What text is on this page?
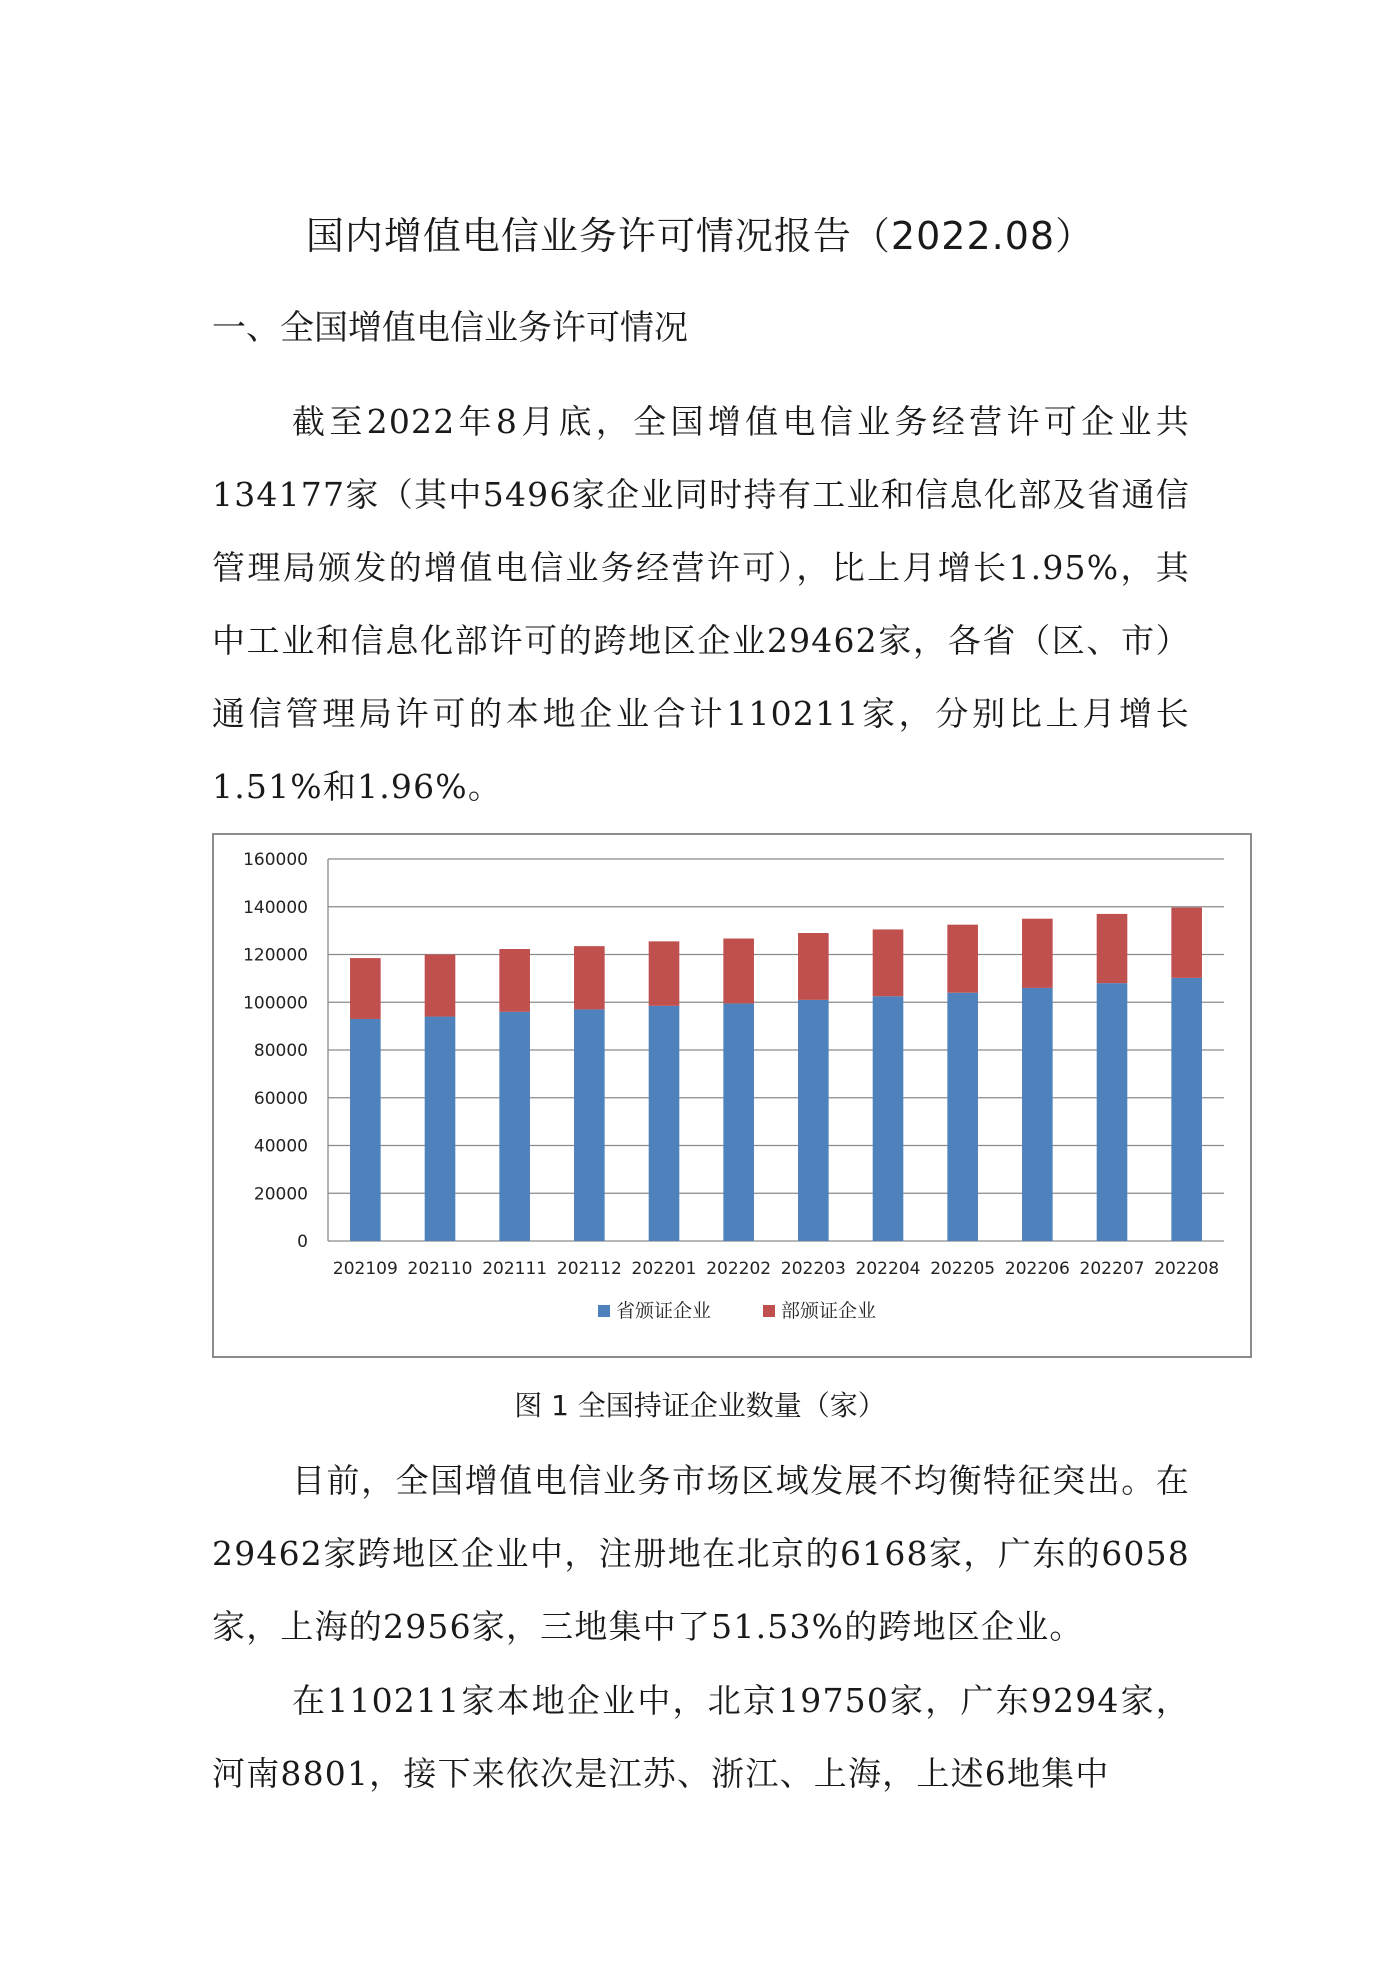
国内增值电信业务许可情况报告（2022.08）
一、全国增值电信业务许可情况

截至2022年8月底，全国增值电信业务经营许可企业共134177家（其中5496家企业同时持有工业和信息化部及省通信管理局颁发的增值电信业务经营许可），比上月增长1.95%，其中工业和信息化部许可的跨地区企业29462家，各省（区、市）通信管理局许可的本地企业合计110211家，分别比上月增长1.51%和1.96%。

0
20000
40000
60000
80000
100000
120000
140000
160000
202109 202110 202111 202112 202201 202202 202203 202204 202205 202206 202207 202208
省颁证企业	部颁证企业
图 1 全国持证企业数量（家）

目前，全国增值电信业务市场区域发展不均衡特征突出。在29462家跨地区企业中，注册地在北京的6168家，广东的6058家，上海的2956家，三地集中了51.53%的跨地区企业。

在110211家本地企业中，北京19750家，广东9294家，河南8801，接下来依次是江苏、浙江、上海，上述6地集中
